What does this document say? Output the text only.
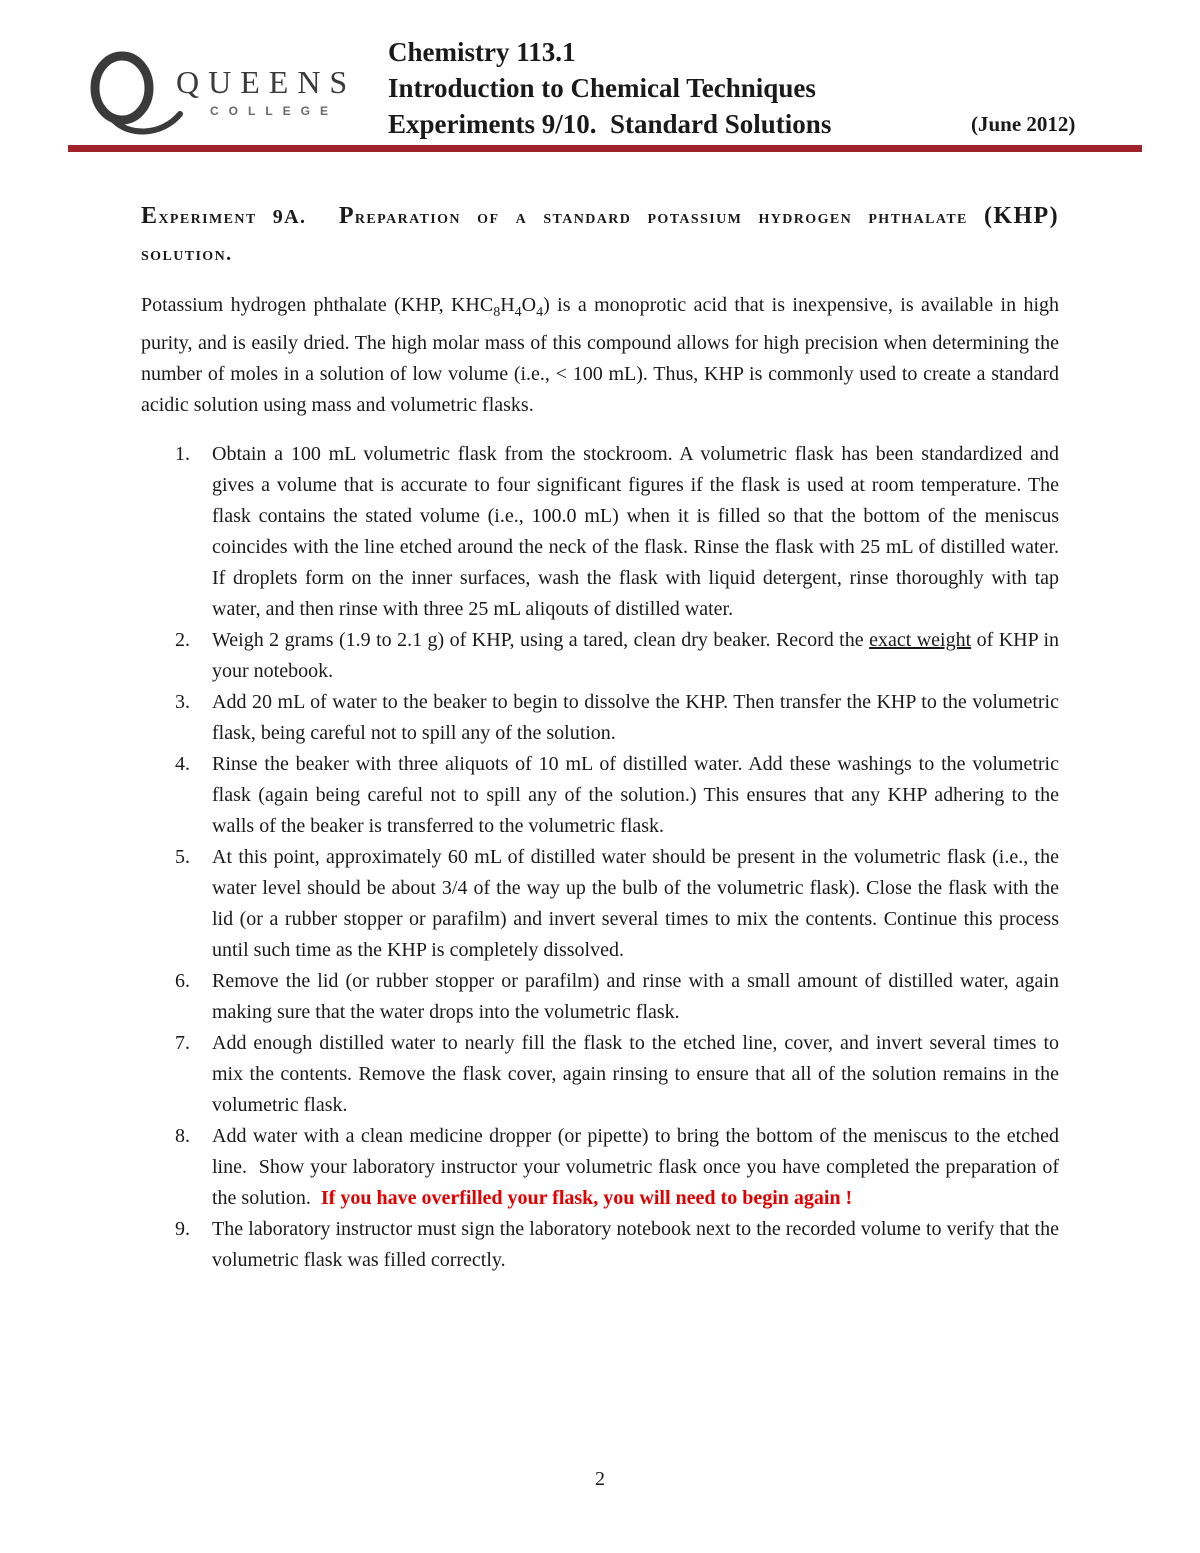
QUEENS
COLLEGE
Chemistry 113.1
Introduction to Chemical Techniques
Experiments 9/10.  Standard Solutions	(June 2012)
Experiment 9A.  Preparation of a standard potassium hydrogen phthalate (KHP) solution.

Potassium hydrogen phthalate (KHP, $KHC_8H_4O_4$) is a monoprotic acid that is inexpensive, is available in high purity, and is easily dried. The high molar mass of this compound allows for high precision when determining the number of moles in a solution of low volume (i.e., < 100 mL). Thus, KHP is commonly used to create a standard acidic solution using mass and volumetric flasks.

1. Obtain a 100 mL volumetric flask from the stockroom. A volumetric flask has been standardized and gives a volume that is accurate to four significant figures if the flask is used at room temperature. The flask contains the stated volume (i.e., 100.0 mL) when it is filled so that the bottom of the meniscus coincides with the line etched around the neck of the flask. Rinse the flask with 25 mL of distilled water. If droplets form on the inner surfaces, wash the flask with liquid detergent, rinse thoroughly with tap water, and then rinse with three 25 mL aliqouts of distilled water.
2. Weigh 2 grams (1.9 to 2.1 g) of KHP, using a tared, clean dry beaker. Record the exact weight of KHP in your notebook.
3. Add 20 mL of water to the beaker to begin to dissolve the KHP. Then transfer the KHP to the volumetric flask, being careful not to spill any of the solution.
4. Rinse the beaker with three aliquots of 10 mL of distilled water. Add these washings to the volumetric flask (again being careful not to spill any of the solution.) This ensures that any KHP adhering to the walls of the beaker is transferred to the volumetric flask.
5. At this point, approximately 60 mL of distilled water should be present in the volumetric flask (i.e., the water level should be about 3/4 of the way up the bulb of the volumetric flask). Close the flask with the lid (or a rubber stopper or parafilm) and invert several times to mix the contents. Continue this process until such time as the KHP is completely dissolved.
6. Remove the lid (or rubber stopper or parafilm) and rinse with a small amount of distilled water, again making sure that the water drops into the volumetric flask.
7. Add enough distilled water to nearly fill the flask to the etched line, cover, and invert several times to mix the contents. Remove the flask cover, again rinsing to ensure that all of the solution remains in the volumetric flask.
8. Add water with a clean medicine dropper (or pipette) to bring the bottom of the meniscus to the etched line.  Show your laboratory instructor your volumetric flask once you have completed the preparation of the solution.  If you have overfilled your flask, you will need to begin again !
9. The laboratory instructor must sign the laboratory notebook next to the recorded volume to verify that the volumetric flask was filled correctly.
2
